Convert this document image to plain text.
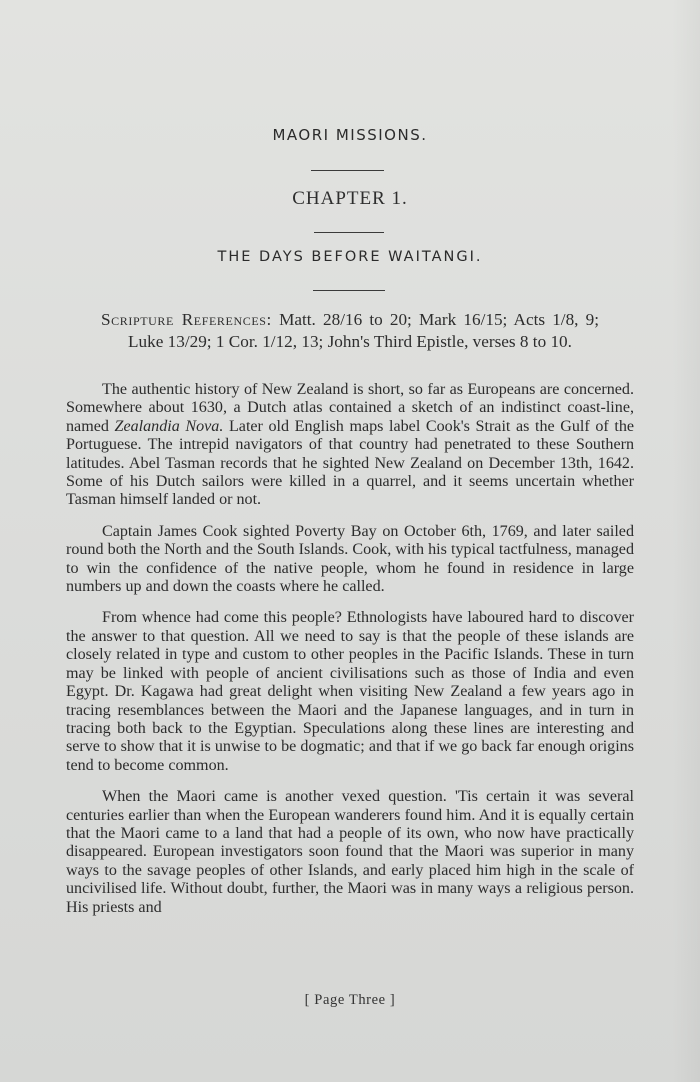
MAORI MISSIONS.
CHAPTER 1.
THE DAYS BEFORE WAITANGI.
Scripture References: Matt. 28/16 to 20; Mark 16/15; Acts 1/8, 9; Luke 13/29; 1 Cor. 1/12, 13; John's Third Epistle, verses 8 to 10.

The authentic history of New Zealand is short, so far as Europeans are concerned. Somewhere about 1630, a Dutch atlas contained a sketch of an indistinct coast-line, named Zealandia Nova. Later old English maps label Cook's Strait as the Gulf of the Portuguese. The intrepid navigators of that country had penetrated to these Southern latitudes. Abel Tasman records that he sighted New Zealand on December 13th, 1642. Some of his Dutch sailors were killed in a quarrel, and it seems uncertain whether Tasman himself landed or not.

Captain James Cook sighted Poverty Bay on October 6th, 1769, and later sailed round both the North and the South Islands. Cook, with his typical tactfulness, managed to win the confidence of the native people, whom he found in residence in large numbers up and down the coasts where he called.

From whence had come this people? Ethnologists have laboured hard to discover the answer to that question. All we need to say is that the people of these islands are closely related in type and custom to other peoples in the Pacific Islands. These in turn may be linked with people of ancient civilisations such as those of India and even Egypt. Dr. Kagawa had great delight when visiting New Zealand a few years ago in tracing resemblances between the Maori and the Japanese languages, and in turn in tracing both back to the Egyptian. Speculations along these lines are interesting and serve to show that it is unwise to be dogmatic; and that if we go back far enough origins tend to become common.

When the Maori came is another vexed question. 'Tis certain it was several centuries earlier than when the European wanderers found him. And it is equally certain that the Maori came to a land that had a people of its own, who now have practically disappeared. European investigators soon found that the Maori was superior in many ways to the savage peoples of other Islands, and early placed him high in the scale of uncivilised life. Without doubt, further, the Maori was in many ways a religious person. His priests and

[ Page Three ]
